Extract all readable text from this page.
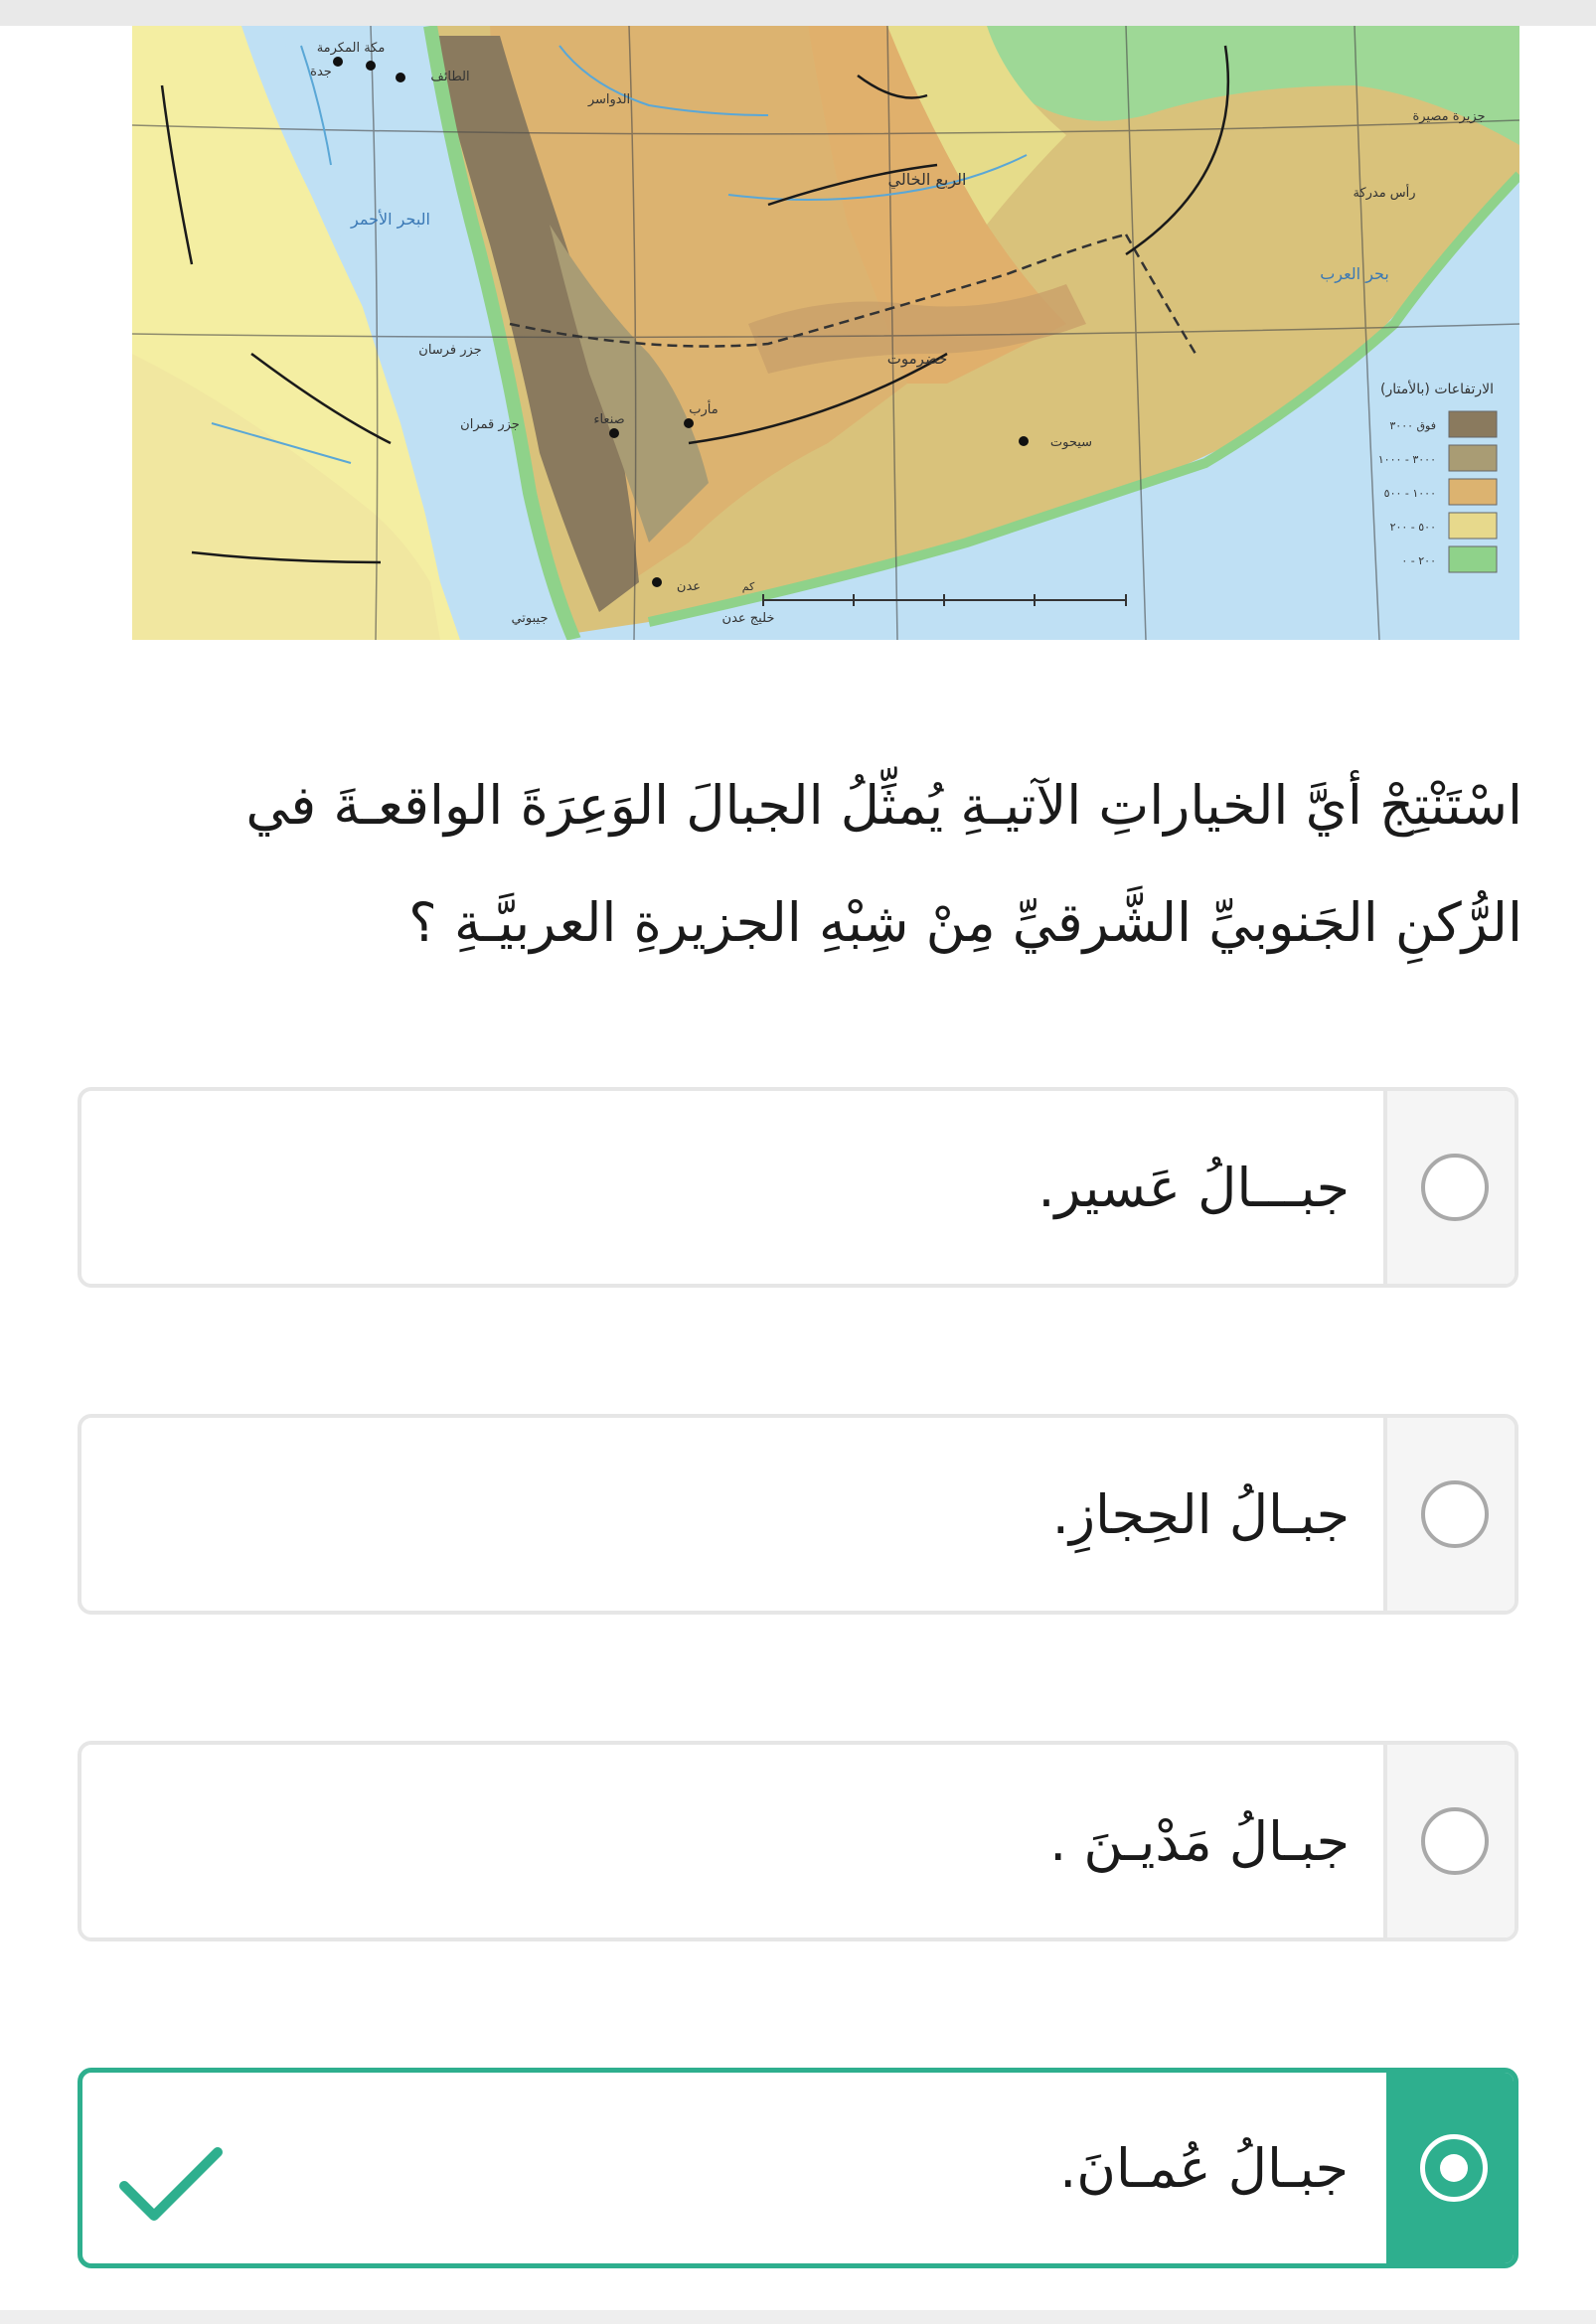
مكة المكرمة
جدة	الطائف
صنعاء
مأرب
عدن
سيحوت
حضرموت
رأس مدركة
جزيرة مصيرة
جزر فرسان
جزر قمران
جيبوتي	خليج عدن
بحر العرب
البحر الأحمر
الربع الخالي
الدواسر
كم
الارتفاعات (بالأمتار)
فوق ٣٠٠٠
٣٠٠٠ - ١٠٠٠
١٠٠٠ - ٥٠٠
٥٠٠ - ٢٠٠
٢٠٠ - ٠
اسْتَنْتِجْ أيَّ الخياراتِ الآتيـةِ يُمثِّلُ الجبالَ الوَعِرَةَ الواقعـةَ في الرُّكنِ الجَنوبيِّ الشَّرقيِّ مِنْ شِبْهِ الجزيرةِ العربيَّـةِ ؟
جبـــالُ عَسير.
جبـالُ الحِجازِ.
جبـالُ مَدْيـنَ .
جبـالُ عُمـانَ.
